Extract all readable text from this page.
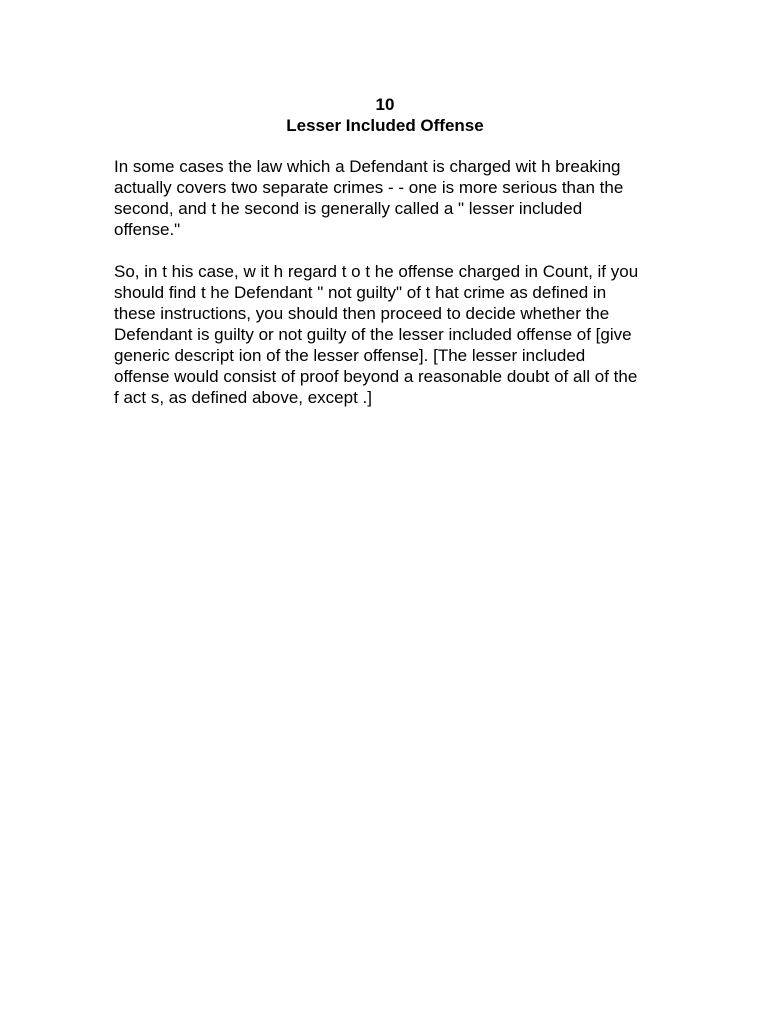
10
Lesser Included Offense
In some cases the law which a Defendant is charged wit h breaking
actually covers two separate crimes - - one is more serious than the
second, and t he second is generally called a " lesser included
offense."
So, in t his case, w it h regard t o t he offense charged in Count, if you
should find t he Defendant " not guilty" of t hat crime as defined in
these instructions, you should then proceed to decide whether the
Defendant is guilty or not guilty of the lesser included offense of [give
generic descript ion of the lesser offense]. [The lesser included
offense would consist of proof beyond a reasonable doubt of all of the
f act s, as defined above, except .]
